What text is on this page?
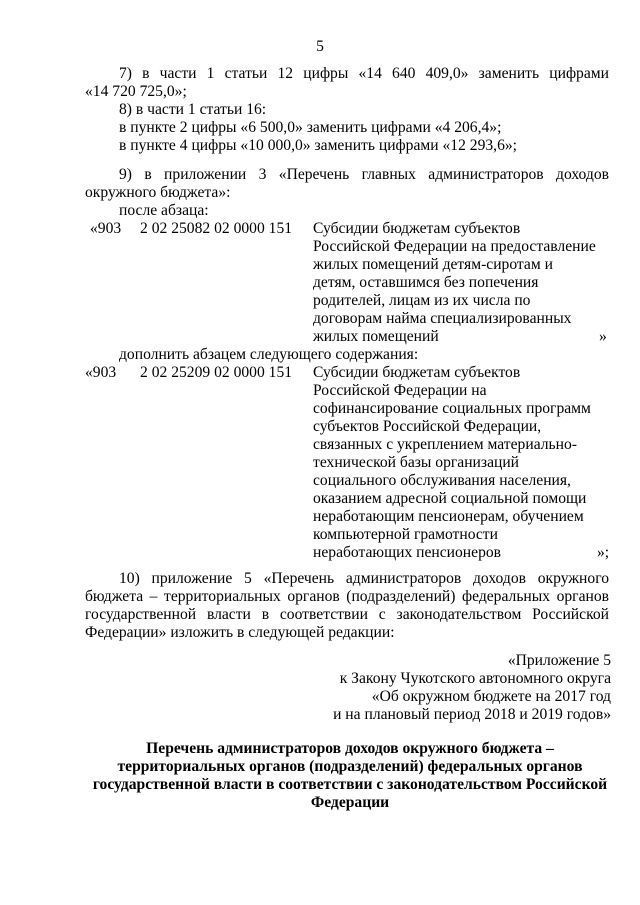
5
7) в части 1 статьи 12 цифры «14 640 409,0» заменить цифрами
«14 720 725,0»;
8) в части 1 статьи 16:
в пункте 2 цифры «6 500,0» заменить цифрами «4 206,4»;
в пункте 4 цифры «10 000,0» заменить цифрами «12 293,6»;
9) в приложении 3 «Перечень главных администраторов доходов
окружного бюджета»:
после абзаца:
«903 2 02 25082 02 0000 151 Субсидии бюджетам субъектов
Российской Федерации на предоставление
жилых помещений детям-сиротам и
детям, оставшимся без попечения
родителей, лицам из их числа по
договорам найма специализированных
жилых помещений	»
дополнить абзацем следующего содержания:
«903 2 02 25209 02 0000 151 Субсидии бюджетам субъектов
Российской Федерации на
софинансирование социальных программ
субъектов Российской Федерации,
связанных с укреплением материально-
технической базы организаций
социального обслуживания населения,
оказанием адресной социальной помощи
неработающим пенсионерам, обучением
компьютерной грамотности
неработающих пенсионеров	»;
10) приложение 5 «Перечень администраторов доходов окружного
бюджета – территориальных органов (подразделений) федеральных органов
государственной власти в соответствии с законодательством Российской
Федерации» изложить в следующей редакции:
«Приложение 5
к Закону Чукотского автономного округа
«Об окружном бюджете на 2017 год
и на плановый период 2018 и 2019 годов»
Перечень администраторов доходов окружного бюджета –
территориальных органов (подразделений) федеральных органов
государственной власти в соответствии с законодательством Российской
Федерации
